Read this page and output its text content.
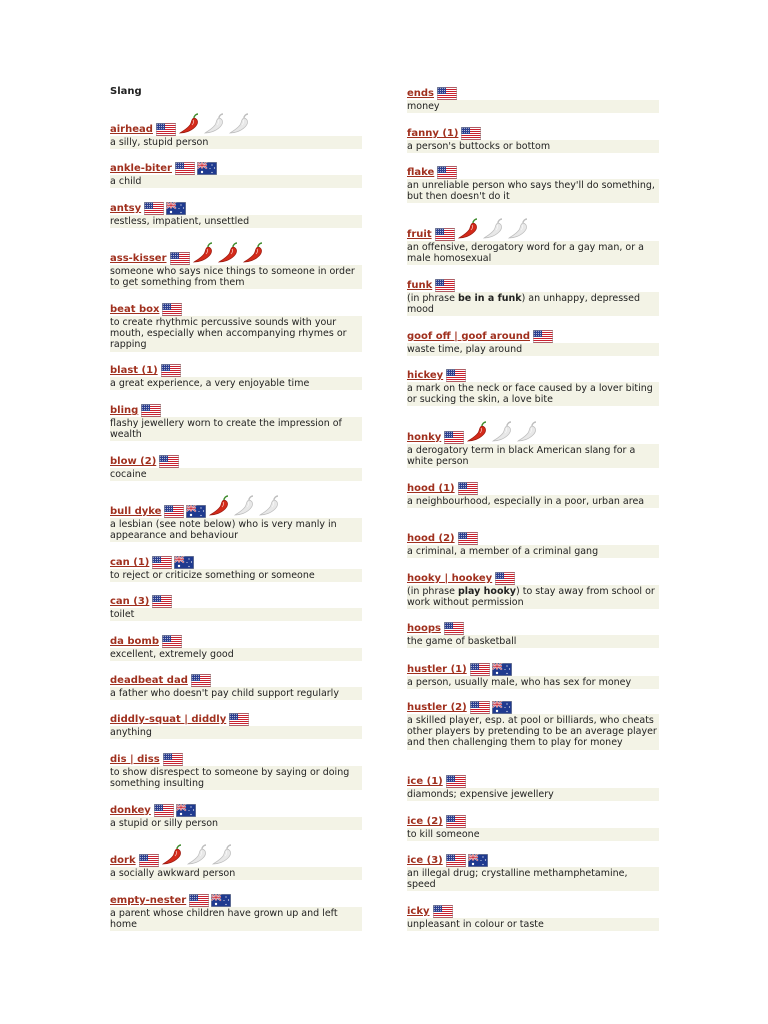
Slang
airhead
a silly, stupid person
ankle-biter
a child
antsy
restless, impatient, unsettled
ass-kisser
someone who says nice things to someone in order to get something from them
beat box
to create rhythmic percussive sounds with your mouth, especially when accompanying rhymes or rapping
blast (1)
a great experience, a very enjoyable time
bling
flashy jewellery worn to create the impression of wealth
blow (2)
cocaine
bull dyke
a lesbian (see note below) who is very manly in appearance and behaviour
can (1)
to reject or criticize something or someone
can (3)
toilet
da bomb
excellent, extremely good
deadbeat dad
a father who doesn't pay child support regularly
diddly-squat | diddly
anything
dis | diss
to show disrespect to someone by saying or doing something insulting
donkey
a stupid or silly person
dork
a socially awkward person
empty-nester
a parent whose children have grown up and left home
ends
money
fanny (1)
a person's buttocks or bottom
flake
an unreliable person who says they'll do something, but then doesn't do it
fruit
an offensive, derogatory word for a gay man, or a male homosexual
funk
(in phrase be in a funk) an unhappy, depressed mood
goof off | goof around
waste time, play around
hickey
a mark on the neck or face caused by a lover biting or sucking the skin, a love bite
honky
a derogatory term in black American slang for a white person
hood (1)
a neighbourhood, especially in a poor, urban area
hood (2)
a criminal, a member of a criminal gang
hooky | hookey
(in phrase play hooky) to stay away from school or work without permission
hoops
the game of basketball
hustler (1)
a person, usually male, who has sex for money
hustler (2)
a skilled player, esp. at pool or billiards, who cheats other players by pretending to be an average player and then challenging them to play for money
ice (1)
diamonds; expensive jewellery
ice (2)
to kill someone
ice (3)
an illegal drug; crystalline methamphetamine, speed
icky
unpleasant in colour or taste
